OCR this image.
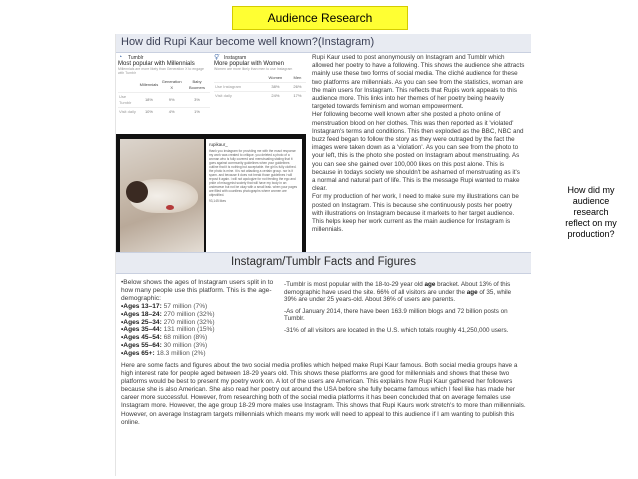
Audience Research
How did Rupi Kaur become well known?(Instagram)
◔ Tumblr
Most popular with Millennials
Millennials are more likely than Generation X to engage with Tumblr
	Millennials	Generation X	Baby Boomers
Use Tumblr	18%	9%	3%
Visit daily	10%	4%	1%
⚥ Instagram
More popular with Women
Women are more likely than men to use Instagram
	Women	Men
Use Instagram	38%	26%
Visit daily	24%	17%
rupikaur_
thank you instagram for providing me with the exact response my work was created to critique. you deleted a photo of a woman who is fully covered and menstruating stating that it goes against community guidelines when your guidelines outline that it is nothing but acceptable. the girl is fully clothed. the photo is mine. it is not attacking a certain group. nor is it spam. and because it does not break those guidelines i will repost it again. i will not apologize for not feeding the ego and pride of misogynist society that will have my body in an underwear but not be okay with a small leak. when your pages are filled with countless photographs where women are objectified.
93,145 likes

Rupi Kaur used to post anonymously on Instagram and Tumblr which allowed her poetry to have a following. This shows the audience she attracts mainly use these two forms of social media. The cliché audience for these two platforms are millennials. As you can see from the statistics, woman are the main users for Instagram. This reflects that Rupis work appeals to this audience more. This links into her themes of her poetry being heavily targeted towards feminism and woman empowerment.

Her following become well known after she posted a photo online of menstruation blood on her clothes. This was then reported as it 'violated' Instagram's terms and conditions. This then exploded as the BBC, NBC and buzz feed began to follow the story as they were outraged by the fact the images were taken down as a 'violation'. As you can see from the photo to your left, this is the photo she posted on Instagram about menstruating. As you can see she gained over 100,000 likes on this post alone. This is because in todays society we shouldn't be ashamed of menstruating as it's a normal and natural part of life. This is the message Rupi wanted to make clear.

For my production of her work, I need to make sure my illustrations can be posted on Instagram. This is because she continuously posts her poetry with illustrations on Instagram because it markets to her target audience. This helps keep her work current as the main audience for Instagram is millennials.

Instagram/Tumblr Facts and Figures

•Below shows the ages of Instagram users split in to how many people use this platform. This is the age-demographic:

•Ages 13–17: 57 million (7%)
•Ages 18–24: 270 million (32%)
•Ages 25–34: 270 million (32%)
•Ages 35–44: 131 million (15%)
•Ages 45–54: 68 million (8%)
•Ages 55–64: 30 million (3%)
•Ages 65+: 18.3 million (2%)

-Tumblr is most popular with the 18-to-29 year old age bracket. About 13% of this demographic have used the site. 66% of all visitors are under the age of 35, while 39% are under 25 years-old. About 36% of users are parents.

-As of January 2014, there have been 163.9 million blogs and 72 billion posts on Tumblr.

-31% of all visitors are located in the U.S. which totals roughly 41,250,000 users.

Here are some facts and figures about the two social media profiles which helped make Rupi Kaur famous. Both social media groups have a high interest rate for people aged between 18-29 years old. This shows these platforms are good for millennials and shows that these two platforms would be best to present my poetry work on. A lot of the users are American. This explains how Rupi Kaur gathered her followers because she is also American. She also read her poetry out around the USA before she fully became famous which I feel like has made her career more successful. However, from researching both of the social media platforms it has been concluded that on average females use Instagram more. However, the age group 18-29 more males use Instagram. This shows that Rupi Kaurs work stretch's to more than millennials. However, on average Instagram targets millennials which means my work will need to appeal to this audience if I am wanting to publish this online.
How did my audience research reflect on my production?
